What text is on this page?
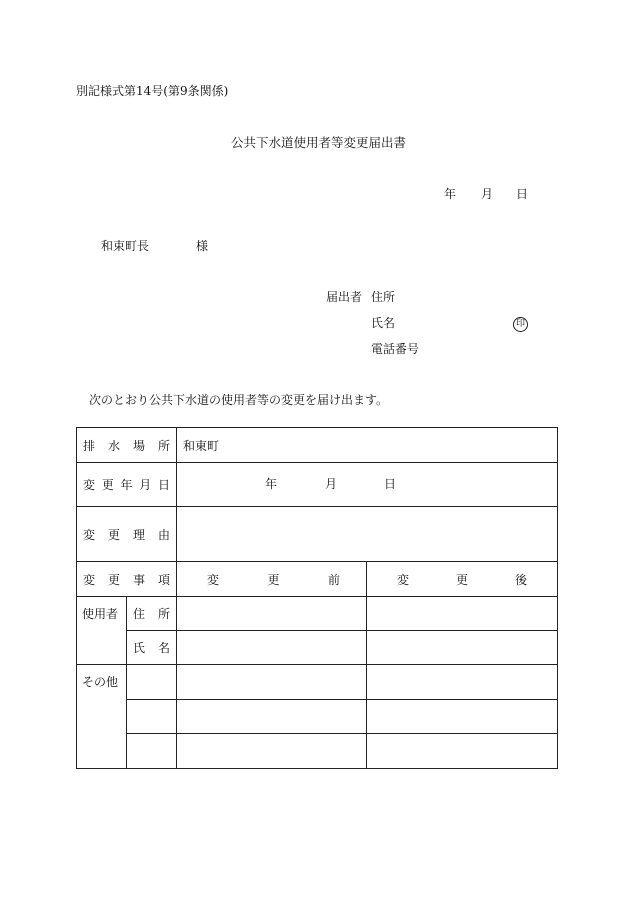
別記様式第14号(第9条関係)
公共下水道使用者等変更届出書
年 月 日
和束町長	様
届出者 住所
氏名	印
電話番号
次のとおり公共下水道の使用者等の変更を届け出ます。
排 水 場 所		和東町	

変 更 年 月 日		年 月 日	

変 更 理 由			

変 更 事 項		変 更 前	変 更 後

使用者	住 所		

	氏 名		

その他			
